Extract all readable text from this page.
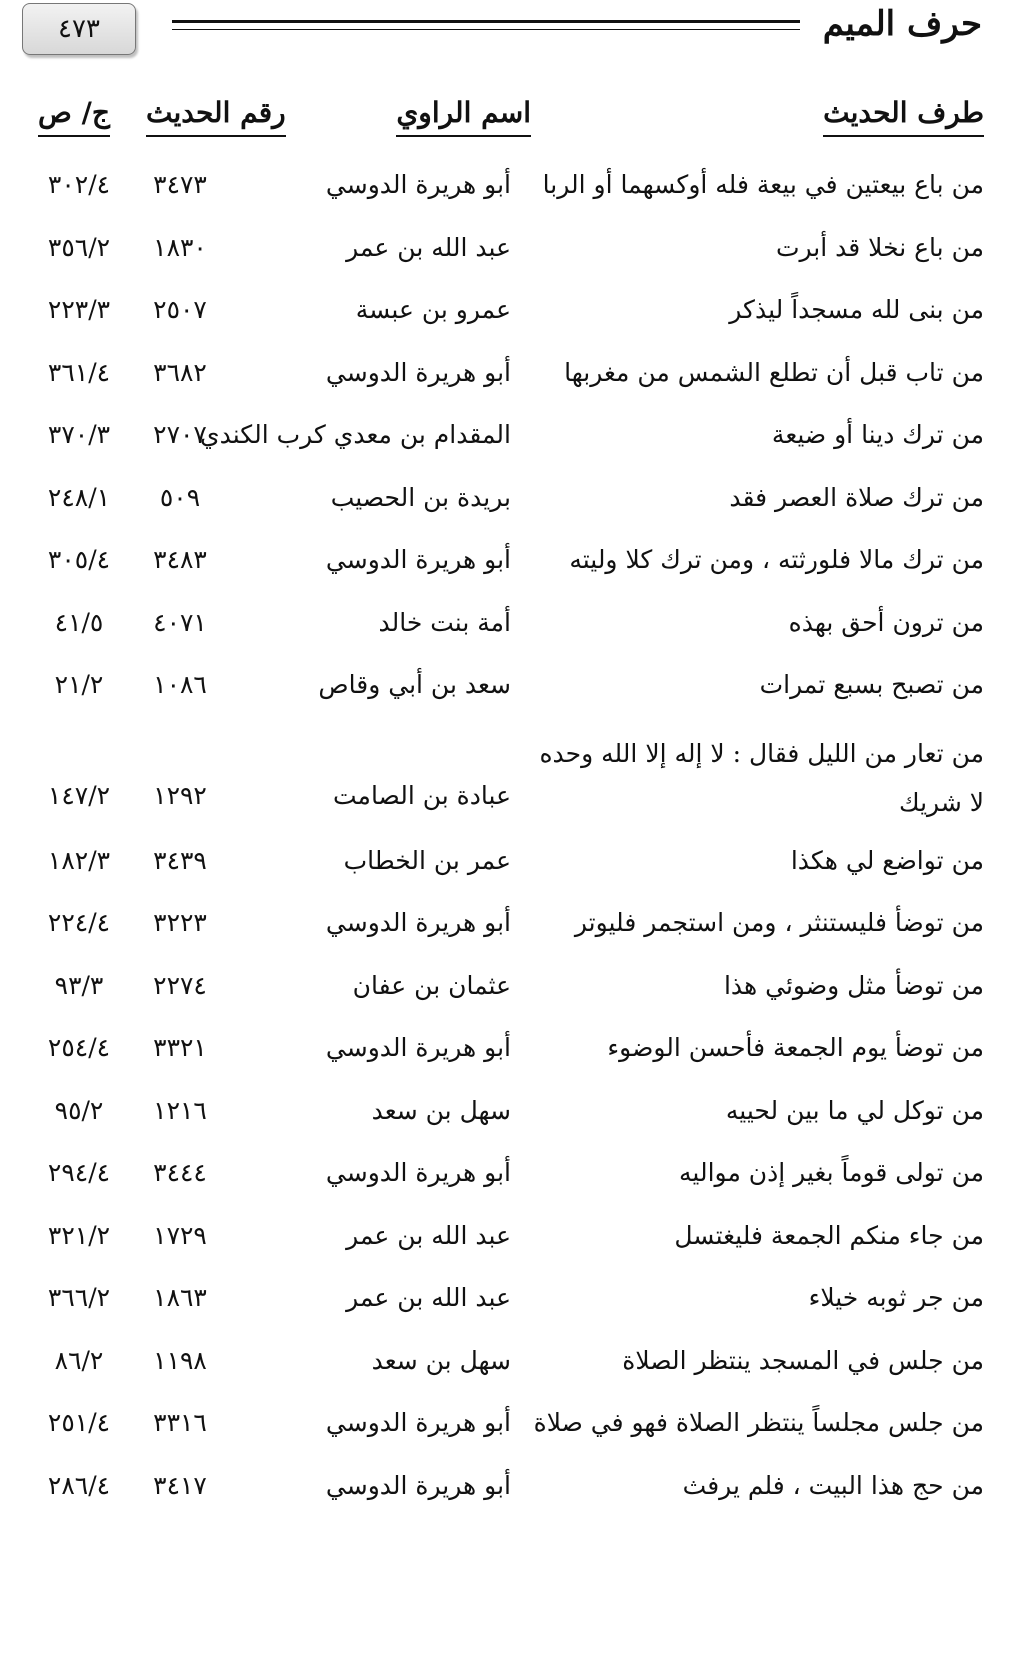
حرف الميم
٤٧٣
طرف الحديث
اسم الراوي
رقم الحديث
ج/ ص
من باع بيعتين في بيعة فله أوكسهما أو الربا
أبو هريرة الدوسي
٣٤٧٣
٣٠٢/٤
من باع نخلا قد أبرت
عبد الله بن عمر
١٨٣٠
٣٥٦/٢
من بنى لله مسجداً ليذكر
عمرو بن عبسة
٢٥٠٧
٢٢٣/٣
من تاب قبل أن تطلع الشمس من مغربها
أبو هريرة الدوسي
٣٦٨٢
٣٦١/٤
من ترك دينا أو ضيعة
المقدام بن معدي كرب الكندي
٢٧٠٧
٣٧٠/٣
من ترك صلاة العصر فقد
بريدة بن الحصيب
٥٠٩
٢٤٨/١
من ترك مالا فلورثته ، ومن ترك كلا وليته
أبو هريرة الدوسي
٣٤٨٣
٣٠٥/٤
من ترون أحق بهذه
أمة بنت خالد
٤٠٧١
٤١/٥
من تصبح بسبع تمرات
سعد بن أبي وقاص
١٠٨٦
٢١/٢
من تعار من الليل فقال : لا إله إلا الله وحده لا شريك
عبادة بن الصامت
١٢٩٢
١٤٧/٢
من تواضع لي هكذا
عمر بن الخطاب
٣٤٣٩
١٨٢/٣
من توضأ فليستنثر ، ومن استجمر فليوتر
أبو هريرة الدوسي
٣٢٢٣
٢٢٤/٤
من توضأ مثل وضوئي هذا
عثمان بن عفان
٢٢٧٤
٩٣/٣
من توضأ يوم الجمعة فأحسن الوضوء
أبو هريرة الدوسي
٣٣٢١
٢٥٤/٤
من توكل لي ما بين لحييه
سهل بن سعد
١٢١٦
٩٥/٢
من تولى قوماً بغير إذن مواليه
أبو هريرة الدوسي
٣٤٤٤
٢٩٤/٤
من جاء منكم الجمعة فليغتسل
عبد الله بن عمر
١٧٢٩
٣٢١/٢
من جر ثوبه خيلاء
عبد الله بن عمر
١٨٦٣
٣٦٦/٢
من جلس في المسجد ينتظر الصلاة
سهل بن سعد
١١٩٨
٨٦/٢
من جلس مجلساً ينتظر الصلاة فهو في صلاة
أبو هريرة الدوسي
٣٣١٦
٢٥١/٤
من حج هذا البيت ، فلم يرفث
أبو هريرة الدوسي
٣٤١٧
٢٨٦/٤
